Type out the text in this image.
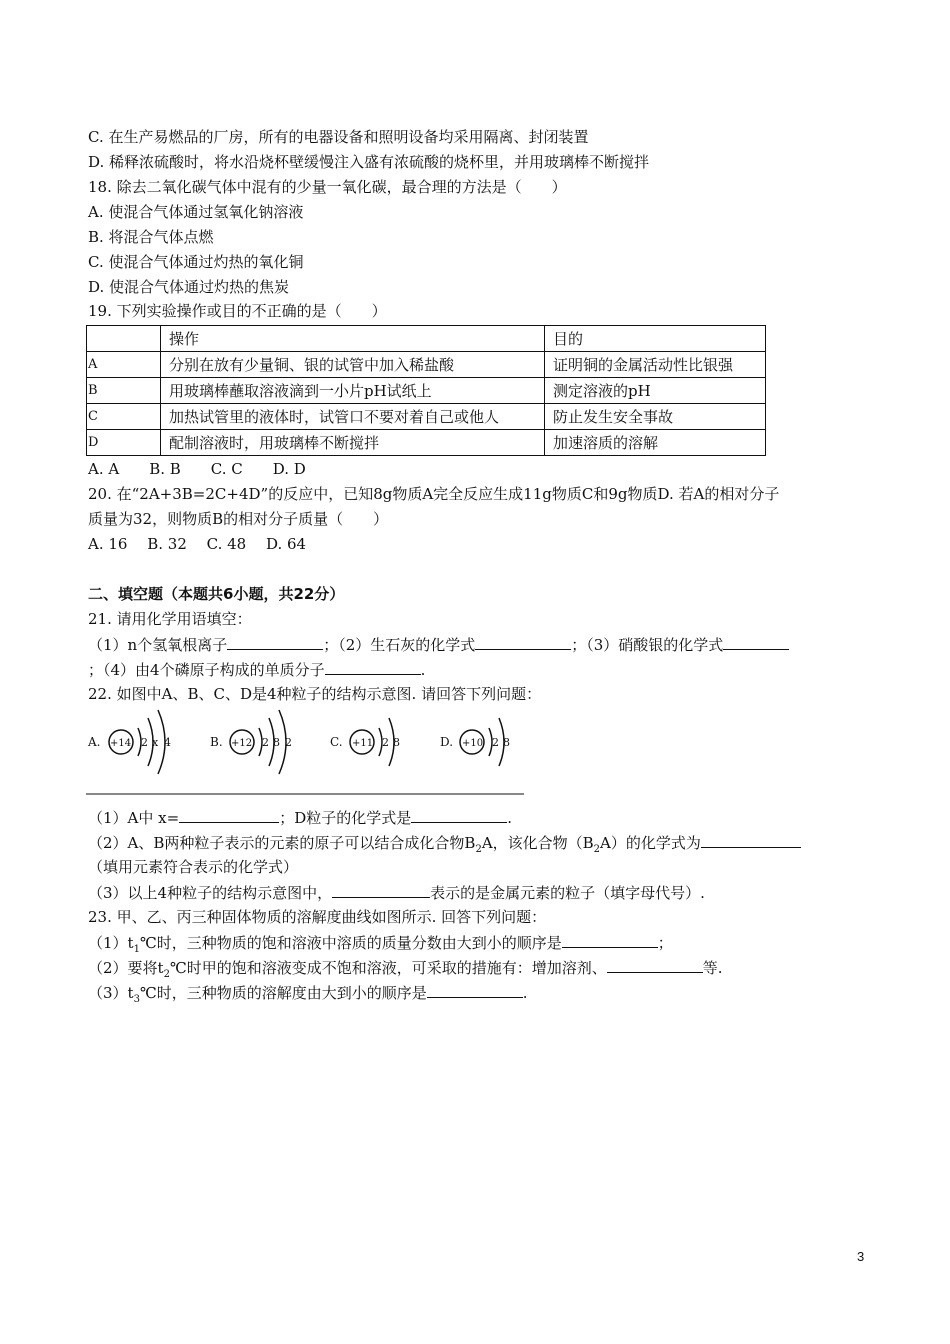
C. 在生产易燃品的厂房，所有的电器设备和照明设备均采用隔离、封闭装置
D. 稀释浓硫酸时，将水沿烧杯壁缓慢注入盛有浓硫酸的烧杯里，并用玻璃棒不断搅拌
18. 除去二氧化碳气体中混有的少量一氧化碳，最合理的方法是（　　）
A. 使混合气体通过氢氧化钠溶液
B. 将混合气体点燃
C. 使混合气体通过灼热的氧化铜
D. 使混合气体通过灼热的焦炭
19. 下列实验操作或目的不正确的是（　　）
	操作	目的
A	分别在放有少量铜、银的试管中加入稀盐酸	证明铜的金属活动性比银强
B	用玻璃棒蘸取溶液滴到一小片pH试纸上	测定溶液的pH
C	加热试管里的液体时，试管口不要对着自己或他人	防止发生安全事故
D	配制溶液时，用玻璃棒不断搅拌	加速溶质的溶解
A. A　　B. B　　C. C　　D. D
20. 在“2A+3B=2C+4D”的反应中，已知8g物质A完全反应生成11g物质C和9g物质D. 若A的相对分子
质量为32，则物质B的相对分子质量（　　）
A. 16　 B. 32　 C. 48　 D. 64
二、填空题（本题共6小题，共22分）
21. 请用化学用语填空：
（1）n个氢氧根离子	；（2）生石灰的化学式	；（3）硝酸银的化学式
；（4）由4个磷原子构成的单质分子	.
22. 如图中A、B、C、D是4种粒子的结构示意图. 请回答下列问题：
A. +14 2 x 4	B. +12 2 8 2	C. +11 2 8	D. +10 2 8
（1）A中 x=	；D粒子的化学式是	.
（2）A、B两种粒子表示的元素的原子可以结合成化合物$B_2A$，该化合物$(B_2A)$的化学式为
（填用元素符合表示的化学式）
（3）以上4种粒子的结构示意图中，	表示的是金属元素的粒子（填字母代号）.
23. 甲、乙、丙三种固体物质的溶解度曲线如图所示. 回答下列问题：
$(1)t_1℃$时，三种物质的饱和溶液中溶质的质量分数由大到小的顺序是	；
（2）要将$t_2℃$时甲的饱和溶液变成不饱和溶液，可采取的措施有：增加溶剂、	等.
$(3)t_3℃$时，三种物质的溶解度由大到小的顺序是	.
3
